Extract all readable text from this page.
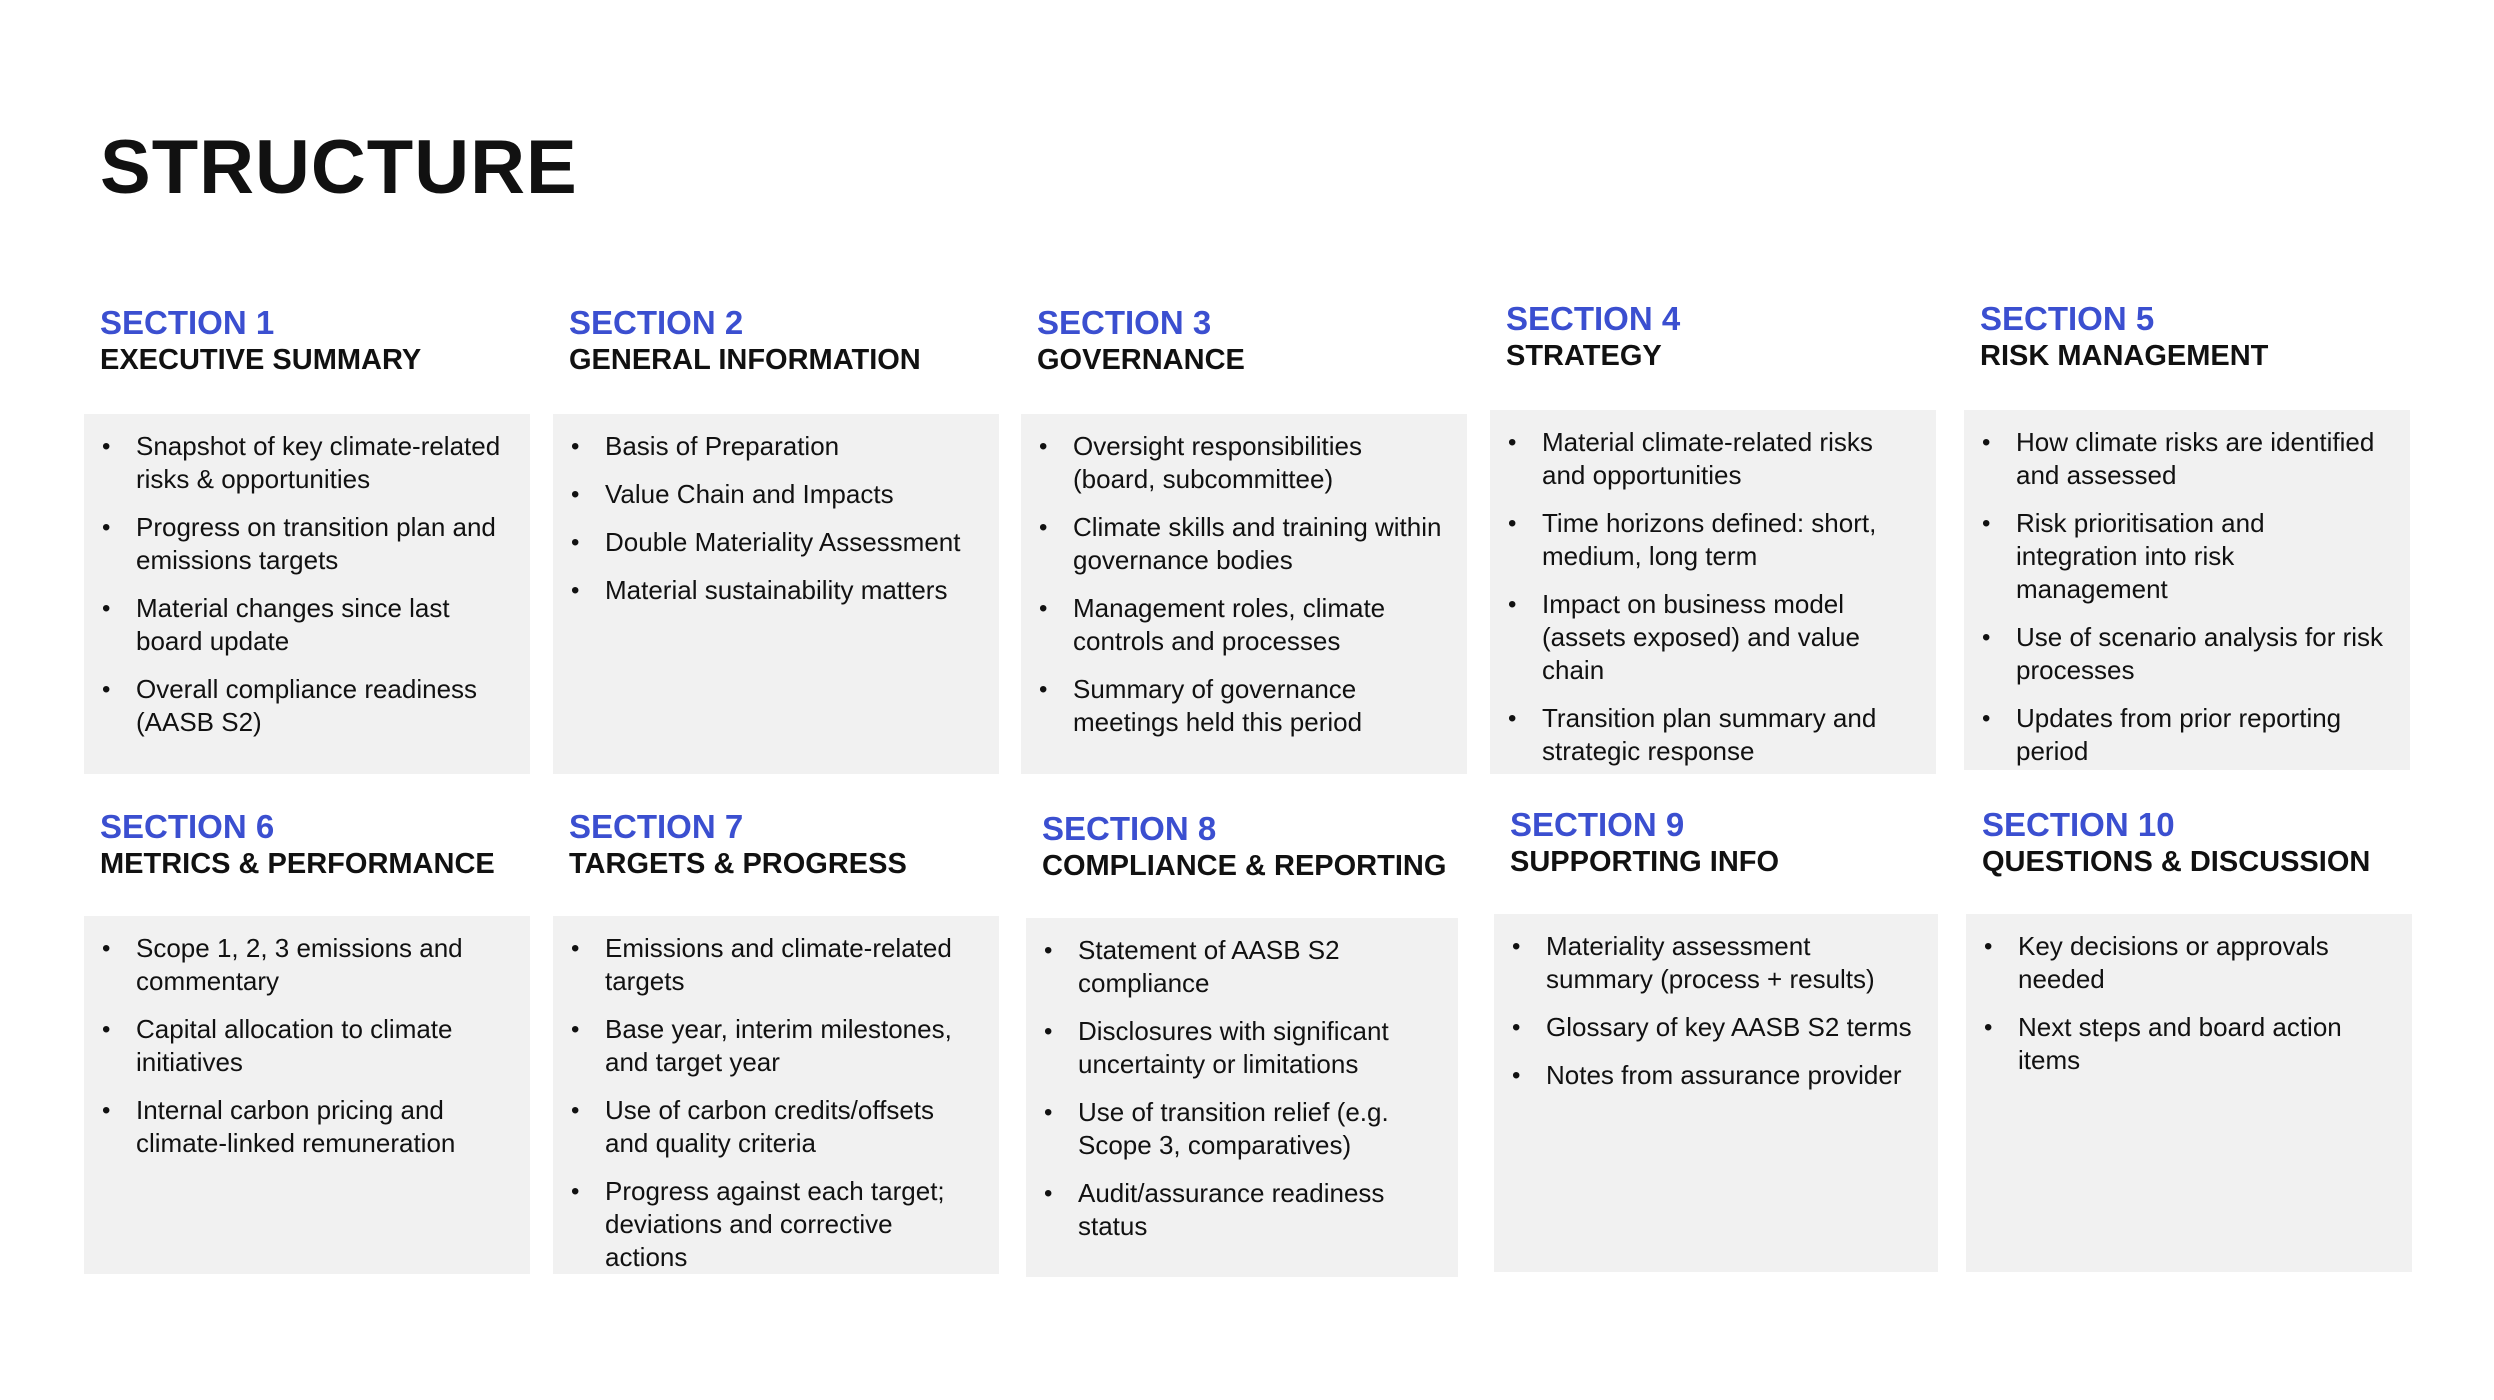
STRUCTURE
SECTION 1
EXECUTIVE SUMMARY
• Snapshot of key climate-related risks & opportunities
• Progress on transition plan and emissions targets
• Material changes since last board update
• Overall compliance readiness (AASB S2)
SECTION 2
GENERAL INFORMATION
• Basis of Preparation
• Value Chain and Impacts
• Double Materiality Assessment
• Material sustainability matters
SECTION 3
GOVERNANCE
• Oversight responsibilities (board, subcommittee)
• Climate skills and training within governance bodies
• Management roles, climate controls and processes
• Summary of governance meetings held this period
SECTION 4
STRATEGY
• Material climate-related risks and opportunities
• Time horizons defined: short, medium, long term
• Impact on business model (assets exposed) and value chain
• Transition plan summary and strategic response
SECTION 5
RISK MANAGEMENT
• How climate risks are identified and assessed
• Risk prioritisation and integration into risk management
• Use of scenario analysis for risk processes
• Updates from prior reporting period
SECTION 6
METRICS & PERFORMANCE
• Scope 1, 2, 3 emissions and commentary
• Capital allocation to climate initiatives
• Internal carbon pricing and climate-linked remuneration
SECTION 7
TARGETS & PROGRESS
• Emissions and climate-related targets
• Base year, interim milestones, and target year
• Use of carbon credits/offsets and quality criteria
• Progress against each target; deviations and corrective actions
SECTION 8
COMPLIANCE & REPORTING
• Statement of AASB S2 compliance
• Disclosures with significant uncertainty or limitations
• Use of transition relief (e.g. Scope 3, comparatives)
• Audit/assurance readiness status
SECTION 9
SUPPORTING INFO
• Materiality assessment summary (process + results)
• Glossary of key AASB S2 terms
• Notes from assurance provider
SECTION 10
QUESTIONS & DISCUSSION
• Key decisions or approvals needed
• Next steps and board action items
